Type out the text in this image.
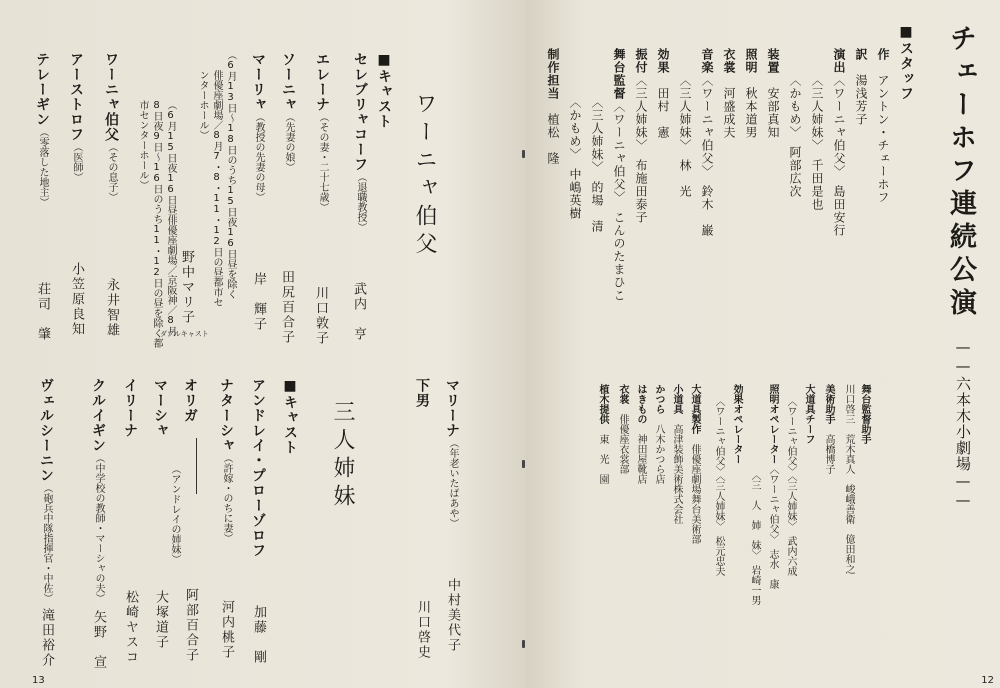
ワーニャ伯父
■キャスト
セレブリャコーフ（退職教授）
武内　亨
エレーナ（その妻・二十七歳）
川口敦子
ソーニャ（先妻の娘）
田尻百合子
マーリャ（教授の先妻の母）
岸　輝子
（6月13日〜18日のうち15日夜16日昼を除く
俳優座劇場／8月7・8・11・12日の昼都市セ
ンターホール）
野中マリ子
（6月15日夜16日昼俳優座劇場／京阪神／8月
8日夜9日〜16日のうち11・12日の昼を除く都
市センターホール）
ダブルキャスト
ワーニャ伯父（その息子）
永井智雄
アーストロフ（医師）
小笠原良知
テレーギン（零落した地主）
荘司　肇
マリーナ（年老いたばあや）
中村美代子
下男
川口啓史
三人姉妹
■キャスト
アンドレイ・プローゾロフ
加藤　剛
ナターシャ（許嫁・のちに妻）
河内桃子
オリガ
阿部百合子
マーシャ
（アンドレイの姉妹）
大塚道子
イリーナ
松崎ヤスコ
クルイギン（中学校の教師・マーシャの夫）
矢野　宣
ヴェルシーニン（砲兵中隊指揮官・中佐）
滝田裕介
13
チェーホフ連続公演
——六本木小劇場——
■スタッフ
作　アントン・チェーホフ
訳　湯浅芳子
演出〈ワーニャ伯父〉　島田安行
〈三人姉妹〉　千田是也
〈かもめ〉　阿部広次
装置　安部真知
照明　秋本道男
衣裳　河盛成夫
音楽〈ワーニャ伯父〉　鈴木　巌
〈三人姉妹〉　林　光
効果　田村　憲
振付〈三人姉妹〉　布施田泰子
舞台監督〈ワーニャ伯父〉　こんのたまひこ
〈三人姉妹〉　的場　清
〈かもめ〉　中嶋英樹
制作担当　植松　隆
舞台監督助手
川口啓三　荒木真人　峻峨善衛　億田和之
美術助手　高橋博子
大道具チーフ
〈ワーニャ伯父〉〈三人姉妹〉　武内六成
照明オペレーター〈ワーニャ伯父〉　志水　康
〈三　人　姉　妹〉　岩崎一男
効果オペレーター
〈ワーニャ伯父〉〈三人姉妹〉　松元忠夫
大道具製作　俳優座劇場舞台美術部
小道具　高津装飾美術株式会社
かつら　八木かつら店
はきもの　神田屋靴店
衣裳　俳優座衣裳部
植木提供　東　光　園
12
